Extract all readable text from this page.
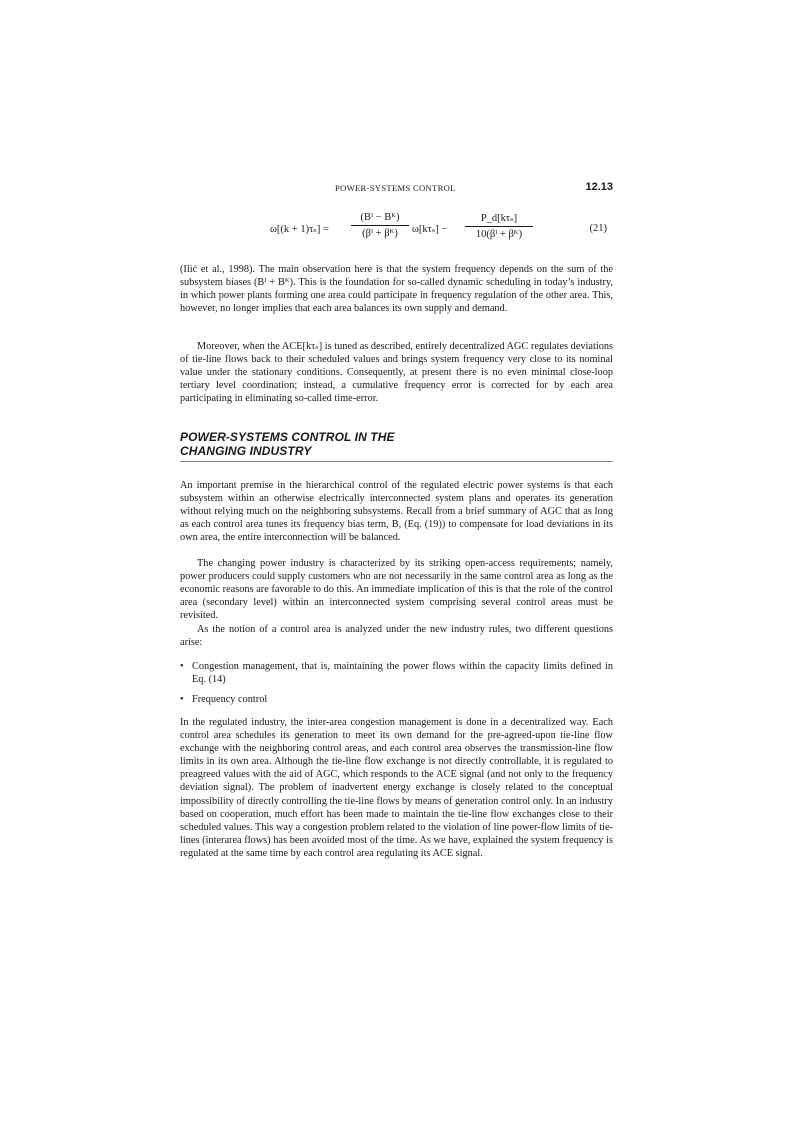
POWER-SYSTEMS CONTROL	12.13
$\omega[(k + 1)\tau_s] = \frac{\text{(Bᴵ − Bᴷ)}}{\text{(βᴵ + βᴷ)}} \omega[k\tau_s]$ −
P_d[kτₛ]
10(βᴵ + βᴷ)
(21)

(Ilić et al., 1998). The main observation here is that the system frequency depends on the sum of the subsystem biases (Bᴵ + Bᴷ). This is the foundation for so-called dynamic scheduling in today’s industry, in which power plants forming one area could participate in frequency regulation of the other area. This, however, no longer implies that each area balances its own supply and demand.

Moreover, when the ACE[kτₛ] is tuned as described, entirely decentralized AGC regulates deviations of tie-line flows back to their scheduled values and brings system frequency very close to its nominal value under the stationary conditions. Consequently, at present there is no even minimal close-loop tertiary level coordination; instead, a cumulative frequency error is corrected for by each area participating in eliminating so-called time-error.

POWER-SYSTEMS CONTROL IN THE
CHANGING INDUSTRY

An important premise in the hierarchical control of the regulated electric power systems is that each subsystem within an otherwise electrically interconnected system plans and operates its generation without relying much on the neighboring subsystems. Recall from a brief summary of AGC that as long as each control area tunes its frequency bias term, B, (Eq. (19)) to compensate for load deviations in its own area, the entire interconnection will be balanced.

The changing power industry is characterized by its striking open-access requirements; namely, power producers could supply customers who are not necessarily in the same control area as long as the economic reasons are favorable to do this. An immediate implication of this is that the role of the control area (secondary level) within an interconnected system comprising several control areas must be revisited.

As the notion of a control area is analyzed under the new industry rules, two different questions arise:

• Congestion management, that is, maintaining the power flows within the capacity limits defined in Eq. (14)
• Frequency control

In the regulated industry, the inter-area congestion management is done in a decentralized way. Each control area schedules its generation to meet its own demand for the pre-agreed-upon tie-line flow exchange with the neighboring control areas, and each control area observes the transmission-line flow limits in its own area. Although the tie-line flow exchange is not directly controllable, it is regulated to preagreed values with the aid of AGC, which responds to the ACE signal (and not only to the frequency deviation signal). The problem of inadvertent energy exchange is closely related to the conceptual impossibility of directly controlling the tie-line flows by means of generation control only. In an industry based on cooperation, much effort has been made to maintain the tie-line flow exchanges close to their scheduled values. This way a congestion problem related to the violation of line power-flow limits of tie-lines (interarea flows) has been avoided most of the time. As we have, explained the system frequency is regulated at the same time by each control area regulating its ACE signal.
